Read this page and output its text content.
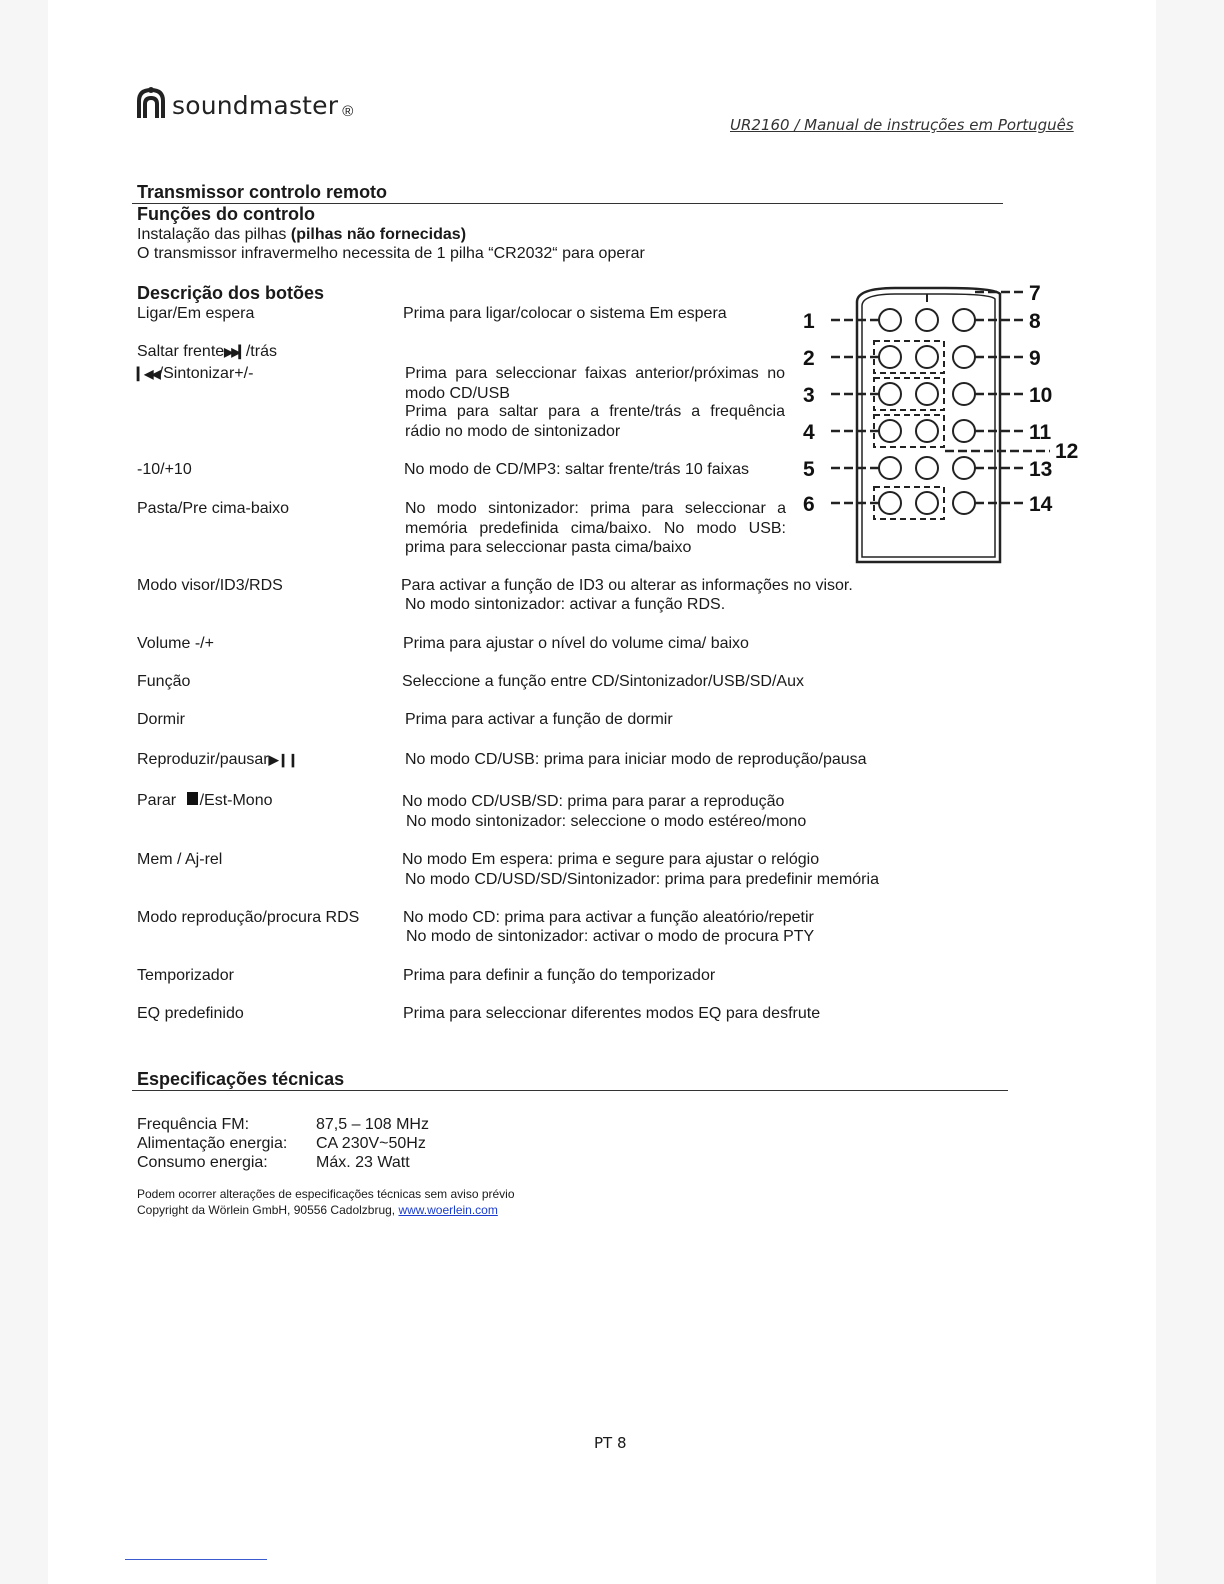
soundmaster ®
UR2160 / Manual de instruções em Português
Transmissor controlo remoto
Funções do controlo
Instalação das pilhas (pilhas não fornecidas)
O transmissor infravermelho necessita de 1 pilha “CR2032“ para operar
Descrição dos botões
Ligar/Em espera	Prima para ligar/colocar o sistema Em espera
Saltar frente▶▶▎/trás
▎◀◀/Sintonizar+/-	Prima para seleccionar faixas anterior/próximas no modo CD/USB
Prima para saltar para a frente/trás a frequência rádio no modo de sintonizador
-10/+10	No modo de CD/MP3: saltar frente/trás 10 faixas
Pasta/Pre cima-baixo	No modo sintonizador: prima para seleccionar a memória predefinida cima/baixo. No modo USB: prima para seleccionar pasta cima/baixo
Modo visor/ID3/RDS	Para activar a função de ID3 ou alterar as informações no visor.
No modo sintonizador: activar a função RDS.
Volume -/+	Prima para ajustar o nível do volume cima/ baixo
Função	Seleccione a função entre CD/Sintonizador/USB/SD/Aux
Dormir	Prima para activar a função de dormir
Reproduzir/pausar▶❙❙	No modo CD/USB: prima para iniciar modo de reprodução/pausa
Parar /Est-Mono	No modo CD/USB/SD: prima para parar a reprodução
No modo sintonizador: seleccione o modo estéreo/mono
Mem / Aj-rel	No modo Em espera: prima e segure para ajustar o relógio
No modo CD/USD/SD/Sintonizador: prima para predefinir memória
Modo reprodução/procura RDS	No modo CD: prima para activar a função aleatório/repetir
No modo de sintonizador: activar o modo de procura PTY
Temporizador	Prima para definir a função do temporizador
EQ predefinido	Prima para seleccionar diferentes modos EQ para desfrute
1
2
3
4
5
6
7
8
9
10
11
12
13
14
Especificações técnicas
Frequência FM:	87,5 – 108 MHz
Alimentação energia: CA 230V~50Hz
Consumo energia:	Máx. 23 Watt
Podem ocorrer alterações de especificações técnicas sem aviso prévio
Copyright da Wörlein GmbH, 90556 Cadolzbrug, www.woerlein.com
PT 8
